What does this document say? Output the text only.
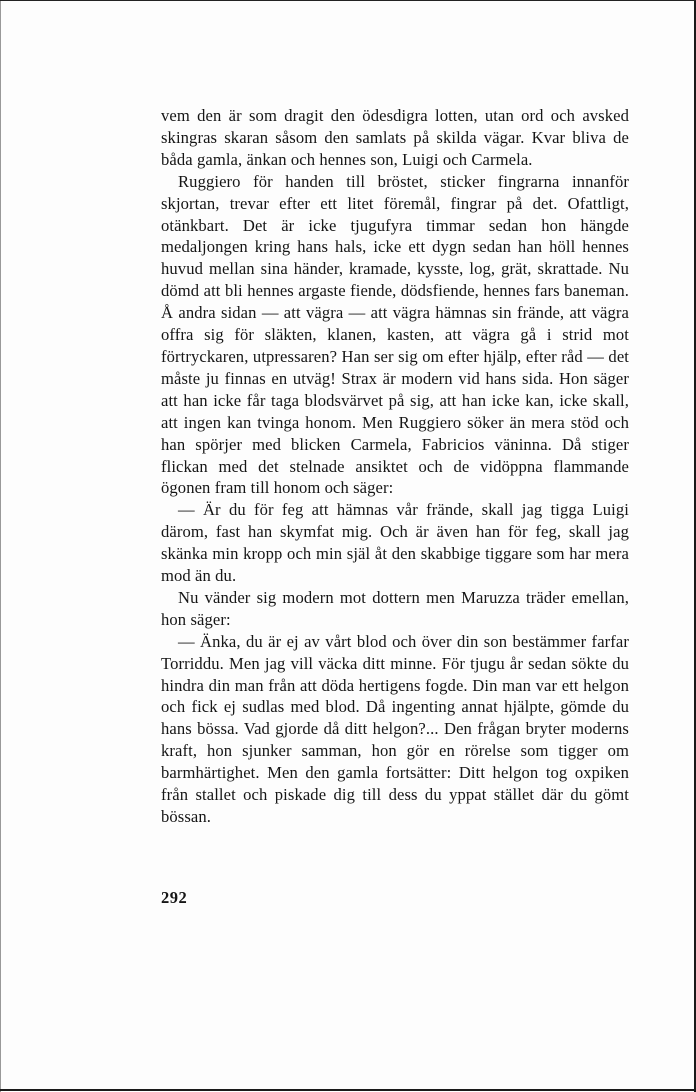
vem den är som dragit den ödesdigra lotten, utan ord och avsked skingras skaran såsom den samlats på skilda vägar. Kvar bliva de båda gamla, änkan och hennes son, Luigi och Carmela.

Ruggiero för handen till bröstet, sticker fingrarna innanför skjortan, trevar efter ett litet föremål, fingrar på det. Ofattligt, otänkbart. Det är icke tjugufyra timmar sedan hon hängde medaljongen kring hans hals, icke ett dygn sedan han höll hennes huvud mellan sina händer, kramade, kysste, log, grät, skrattade. Nu dömd att bli hennes argaste fiende, dödsfiende, hennes fars baneman. Å andra sidan — att vägra — att vägra hämnas sin frände, att vägra offra sig för släkten, klanen, kasten, att vägra gå i strid mot förtryckaren, utpressaren? Han ser sig om efter hjälp, efter råd — det måste ju finnas en utväg! Strax är modern vid hans sida. Hon säger att han icke får taga blodsvärvet på sig, att han icke kan, icke skall, att ingen kan tvinga honom. Men Ruggiero söker än mera stöd och han spörjer med blicken Carmela, Fabricios väninna. Då stiger flickan med det stelnade ansiktet och de vidöppna flammande ögonen fram till honom och säger:

— Är du för feg att hämnas vår frände, skall jag tigga Luigi därom, fast han skymfat mig. Och är även han för feg, skall jag skänka min kropp och min själ åt den skabbige tiggare som har mera mod än du.

Nu vänder sig modern mot dottern men Maruzza träder emellan, hon säger:

— Änka, du är ej av vårt blod och över din son bestämmer farfar Torriddu. Men jag vill väcka ditt minne. För tjugu år sedan sökte du hindra din man från att döda hertigens fogde. Din man var ett helgon och fick ej sudlas med blod. Då ingenting annat hjälpte, gömde du hans bössa. Vad gjorde då ditt helgon?... Den frågan bryter moderns kraft, hon sjunker samman, hon gör en rörelse som tigger om barmhärtighet. Men den gamla fortsätter: Ditt helgon tog oxpiken från stallet och piskade dig till dess du yppat stället där du gömt bössan.

292
